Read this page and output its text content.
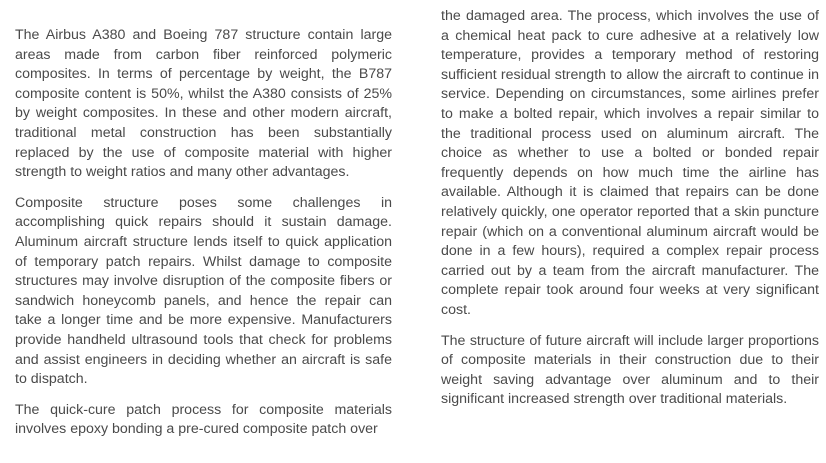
The Airbus A380 and Boeing 787 structure contain large areas made from carbon fiber reinforced polymeric composites. In terms of percentage by weight, the B787 composite content is 50%, whilst the A380 consists of 25% by weight composites. In these and other modern aircraft, traditional metal construction has been substantially replaced by the use of composite material with higher strength to weight ratios and many other advantages.

Composite structure poses some challenges in accomplishing quick repairs should it sustain damage. Aluminum aircraft structure lends itself to quick application of temporary patch repairs. Whilst damage to composite structures may involve disruption of the composite fibers or sandwich honeycomb panels, and hence the repair can take a longer time and be more expensive. Manufacturers provide handheld ultrasound tools that check for problems and assist engineers in deciding whether an aircraft is safe to dispatch.

The quick-cure patch process for composite materials involves epoxy bonding a pre-cured composite patch over

the damaged area. The process, which involves the use of a chemical heat pack to cure adhesive at a relatively low temperature, provides a temporary method of restoring sufficient residual strength to allow the aircraft to continue in service. Depending on circumstances, some airlines prefer to make a bolted repair, which involves a repair similar to the traditional process used on aluminum aircraft. The choice as whether to use a bolted or bonded repair frequently depends on how much time the airline has available. Although it is claimed that repairs can be done relatively quickly, one operator reported that a skin puncture repair (which on a conventional aluminum aircraft would be done in a few hours), required a complex repair process carried out by a team from the aircraft manufacturer. The complete repair took around four weeks at very significant cost.

The structure of future aircraft will include larger proportions of composite materials in their construction due to their weight saving advantage over aluminum and to their significant increased strength over traditional materials.
